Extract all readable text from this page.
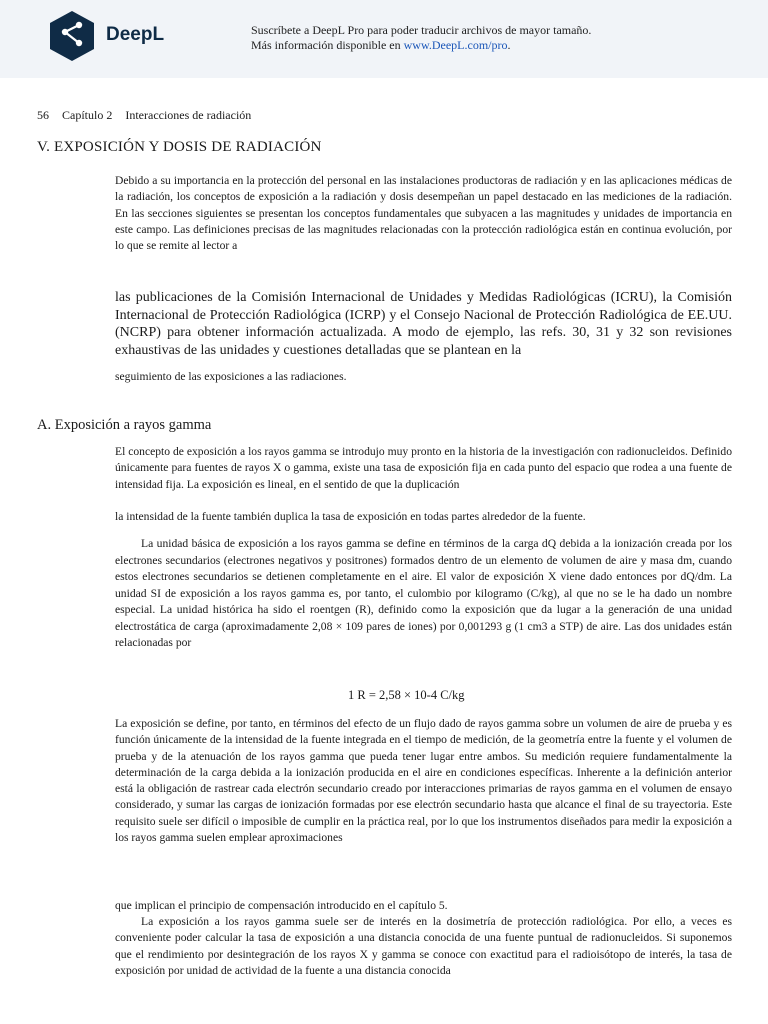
DeepL	Suscríbete a DeepL Pro para poder traducir archivos de mayor tamaño.
Más información disponible en www.DeepL.com/pro.
56 Capítulo 2 Interacciones de radiación
V. EXPOSICIÓN Y DOSIS DE RADIACIÓN

Debido a su importancia en la protección del personal en las instalaciones productoras de radiación y en las aplicaciones médicas de la radiación, los conceptos de exposición a la radiación y dosis desempeñan un papel destacado en las mediciones de la radiación. En las secciones siguientes se presentan los conceptos fundamentales que subyacen a las magnitudes y unidades de importancia en este campo. Las definiciones precisas de las magnitudes relacionadas con la protección radiológica están en continua evolución, por lo que se remite al lector a

las publicaciones de la Comisión Internacional de Unidades y Medidas Radiológicas (ICRU), la Comisión Internacional de Protección Radiológica (ICRP) y el Consejo Nacional de Protección Radiológica de EE.UU. (NCRP) para obtener información actualizada. A modo de ejemplo, las refs. 30, 31 y 32 son revisiones exhaustivas de las unidades y cuestiones detalladas que se plantean en la

seguimiento de las exposiciones a las radiaciones.

A. Exposición a rayos gamma

El concepto de exposición a los rayos gamma se introdujo muy pronto en la historia de la investigación con radionucleidos. Definido únicamente para fuentes de rayos X o gamma, existe una tasa de exposición fija en cada punto del espacio que rodea a una fuente de intensidad fija. La exposición es lineal, en el sentido de que la duplicación

la intensidad de la fuente también duplica la tasa de exposición en todas partes alrededor de la fuente.

La unidad básica de exposición a los rayos gamma se define en términos de la carga dQ debida a la ionización creada por los electrones secundarios (electrones negativos y positrones) formados dentro de un elemento de volumen de aire y masa dm, cuando estos electrones secundarios se detienen completamente en el aire. El valor de exposición X viene dado entonces por dQ/dm. La unidad SI de exposición a los rayos gamma es, por tanto, el culombio por kilogramo (C/kg), al que no se le ha dado un nombre especial. La unidad histórica ha sido el roentgen (R), definido como la exposición que da lugar a la generación de una unidad electrostática de carga (aproximadamente 2,08 × 109 pares de iones) por 0,001293 g (1 cm3 a STP) de aire. Las dos unidades están relacionadas por

1 R = 2,58 × 10-4 C/kg

La exposición se define, por tanto, en términos del efecto de un flujo dado de rayos gamma sobre un volumen de aire de prueba y es función únicamente de la intensidad de la fuente integrada en el tiempo de medición, de la geometría entre la fuente y el volumen de prueba y de la atenuación de los rayos gamma que pueda tener lugar entre ambos. Su medición requiere fundamentalmente la determinación de la carga debida a la ionización producida en el aire en condiciones específicas. Inherente a la definición anterior está la obligación de rastrear cada electrón secundario creado por interacciones primarias de rayos gamma en el volumen de ensayo considerado, y sumar las cargas de ionización formadas por ese electrón secundario hasta que alcance el final de su trayectoria. Este requisito suele ser difícil o imposible de cumplir en la práctica real, por lo que los instrumentos diseñados para medir la exposición a los rayos gamma suelen emplear aproximaciones

que implican el principio de compensación introducido en el capítulo 5.

La exposición a los rayos gamma suele ser de interés en la dosimetría de protección radiológica. Por ello, a veces es conveniente poder calcular la tasa de exposición a una distancia conocida de una fuente puntual de radionucleidos. Si suponemos que el rendimiento por desintegración de los rayos X y gamma se conoce con exactitud para el radioisótopo de interés, la tasa de exposición por unidad de actividad de la fuente a una distancia conocida
